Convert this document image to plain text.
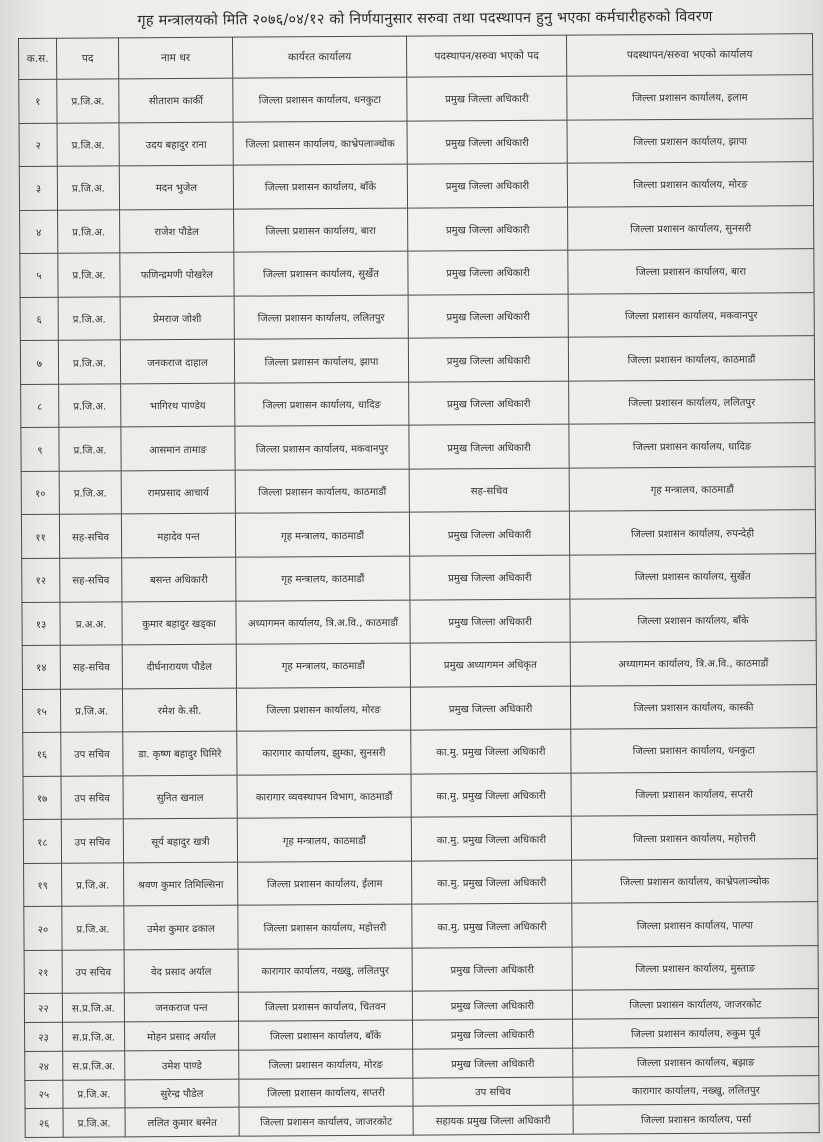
गृह मन्त्रालयको मिति २०७६/०४/१२ को निर्णयानुसार सरुवा तथा पदस्थापन हुनु भएका कर्मचारीहरुको विवरण
क.स.	पद	नाम थर	कार्यरत कार्यालय	पदस्थापन/सरुवा भएको पद	पदस्थापन/सरुवा भएको कार्यालय
१	प्र.जि.अ.	सीताराम कार्की	जिल्ला प्रशासन कार्यालय, धनकुटा	प्रमुख जिल्ला अधिकारी	जिल्ला प्रशासन कार्यालय, इलाम
२	प्र.जि.अ.	उदय बहादुर राना	जिल्ला प्रशासन कार्यालय, काभ्रेपलाञ्चोक	प्रमुख जिल्ला अधिकारी	जिल्ला प्रशासन कार्यालय, झापा
३	प्र.जि.अ.	मदन भुजेल	जिल्ला प्रशासन कार्यालय, बाँके	प्रमुख जिल्ला अधिकारी	जिल्ला प्रशासन कार्यालय, मोरङ
४	प्र.जि.अ.	राजेश पौडेल	जिल्ला प्रशासन कार्यालय, बारा	प्रमुख जिल्ला अधिकारी	जिल्ला प्रशासन कार्यालय, सुनसरी
५	प्र.जि.अ.	फणिन्द्रमणी पोखरेल	जिल्ला प्रशासन कार्यालय, सुर्खेत	प्रमुख जिल्ला अधिकारी	जिल्ला प्रशासन कार्यालय, बारा
६	प्र.जि.अ.	प्रेमराज जोशी	जिल्ला प्रशासन कार्यालय, ललितपुर	प्रमुख जिल्ला अधिकारी	जिल्ला प्रशासन कार्यालय, मकवानपुर
७	प्र.जि.अ.	जनकराज दाहाल	जिल्ला प्रशासन कार्यालय, झापा	प्रमुख जिल्ला अधिकारी	जिल्ला प्रशासन कार्यालय, काठमाडौं
८	प्र.जि.अ.	भागिरथ पाण्डेय	जिल्ला प्रशासन कार्यालय, धादिङ	प्रमुख जिल्ला अधिकारी	जिल्ला प्रशासन कार्यालय, ललितपुर
९	प्र.जि.अ.	आसमान तामाङ	जिल्ला प्रशासन कार्यालय, मकवानपुर	प्रमुख जिल्ला अधिकारी	जिल्ला प्रशासन कार्यालय, धादिङ
१०	प्र.जि.अ.	रामप्रसाद आचार्य	जिल्ला प्रशासन कार्यालय, काठमाडौं	सह-सचिव	गृह मन्त्रालय, काठमाडौं
११	सह-सचिव	महादेव पन्त	गृह मन्त्रालय, काठमाडौं	प्रमुख जिल्ला अधिकारी	जिल्ला प्रशासन कार्यालय, रुपन्देही
१२	सह-सचिव	बसन्त अधिकारी	गृह मन्त्रालय, काठमाडौं	प्रमुख जिल्ला अधिकारी	जिल्ला प्रशासन कार्यालय, सुर्खेत
१३	प्र.अ.अ.	कुमार बहादुर खड्का	अध्यागमन कार्यालय, त्रि.अ.वि., काठमाडौं	प्रमुख जिल्ला अधिकारी	जिल्ला प्रशासन कार्यालय, बाँके
१४	सह-सचिव	दीर्घनारायण पौडेल	गृह मन्त्रालय, काठमाडौं	प्रमुख अध्यागमन अधिकृत	अध्यागमन कार्यालय, त्रि.अ.वि., काठमाडौं
१५	प्र.जि.अ.	रमेश के.सी.	जिल्ला प्रशासन कार्यालय, मोरङ	प्रमुख जिल्ला अधिकारी	जिल्ला प्रशासन कार्यालय, कास्की
१६	उप सचिव	डा. कृष्ण बहादुर घिमिरे	कारागार कार्यालय, झुम्का, सुनसरी	का.मु. प्रमुख जिल्ला अधिकारी	जिल्ला प्रशासन कार्यालय, धनकुटा
१७	उप सचिव	सुनित खनाल	कारागार व्यवस्थापन विभाग, काठमाडौं	का.मु. प्रमुख जिल्ला अधिकारी	जिल्ला प्रशासन कार्यालय, सप्तरी
१८	उप सचिव	सूर्य बहादुर खत्री	गृह मन्त्रालय, काठमाडौं	का.मु. प्रमुख जिल्ला अधिकारी	जिल्ला प्रशासन कार्यालय, महोत्तरी
१९	प्र.जि.अ.	श्रवण कुमार तिमिल्सिना	जिल्ला प्रशासन कार्यालय, ईलाम	का.मु. प्रमुख जिल्ला अधिकारी	जिल्ला प्रशासन कार्यालय, काभ्रेपलाञ्चोक
२०	प्र.जि.अ.	उमेश कुमार ढकाल	जिल्ला प्रशासन कार्यालय, महोत्तरी	का.मु. प्रमुख जिल्ला अधिकारी	जिल्ला प्रशासन कार्यालय, पाल्पा
२१	उप सचिव	वेद प्रसाद अर्याल	कारागार कार्यालय, नख्खु, ललितपुर	प्रमुख जिल्ला अधिकारी	जिल्ला प्रशासन कार्यालय, मुस्ताङ
२२	स.प्र.जि.अ.	जनकराज पन्त	जिल्ला प्रशासन कार्यालय, चितवन	प्रमुख जिल्ला अधिकारी	जिल्ला प्रशासन कार्यालय, जाजरकोट
२३	स.प्र.जि.अ.	मोहन प्रसाद अर्याल	जिल्ला प्रशासन कार्यालय, बाँके	प्रमुख जिल्ला अधिकारी	जिल्ला प्रशासन कार्यालय, रुकुम पूर्व
२४	स.प्र.जि.अ.	उमेश पाण्डे	जिल्ला प्रशासन कार्यालय, मोरङ	प्रमुख जिल्ला अधिकारी	जिल्ला प्रशासन कार्यालय, बझाङ
२५	प्र.जि.अ.	सुरेन्द्र पौडेल	जिल्ला प्रशासन कार्यालय, सप्तरी	उप सचिव	कारागार कार्यालय, नख्खु, ललितपुर
२६	प्र.जि.अ.	ललित कुमार बस्नेत	जिल्ला प्रशासन कार्यालय, जाजरकोट	सहायक प्रमुख जिल्ला अधिकारी	जिल्ला प्रशासन कार्यालय, पर्सा
